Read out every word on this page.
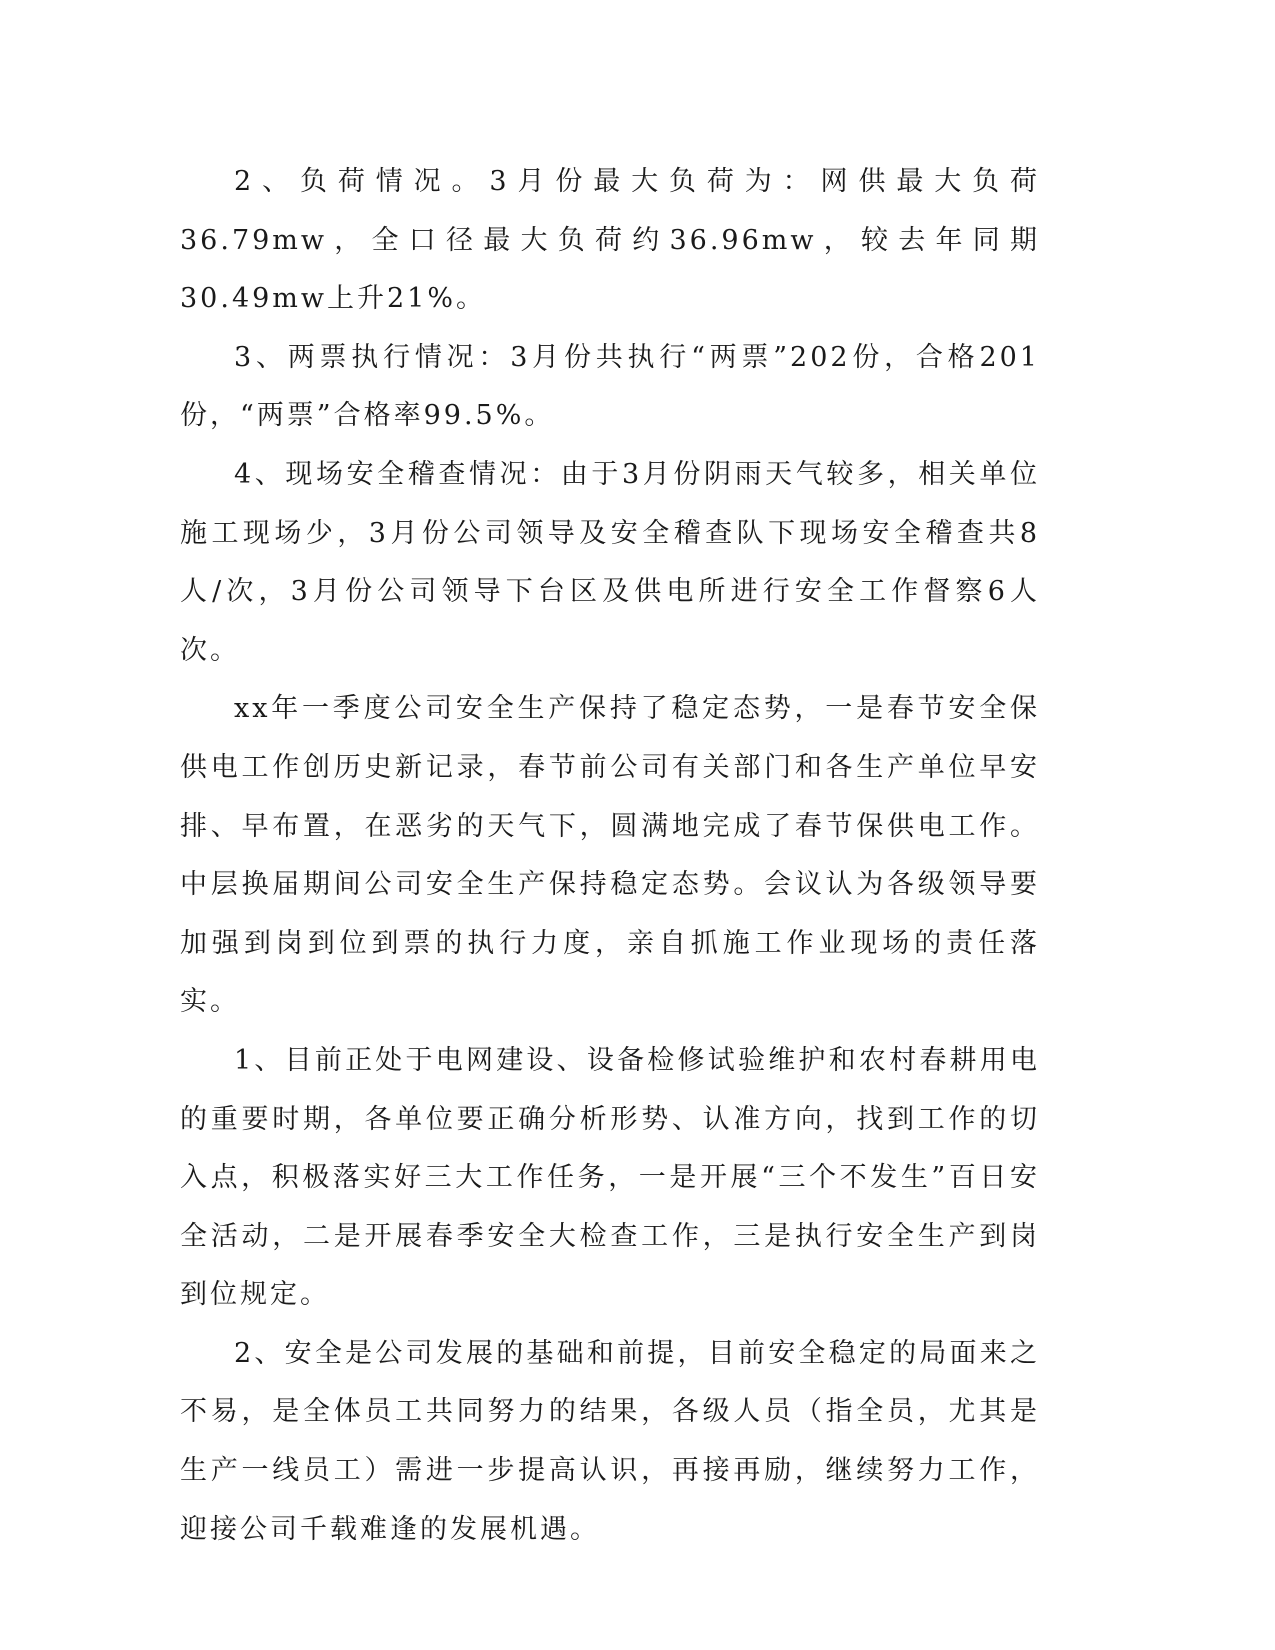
2、负荷情况。3月份最大负荷为：网供最大负荷36.79mw，全口径最大负荷约36.96mw，较去年同期30.49mw上升21%。

3、两票执行情况：3月份共执行“两票”202份，合格201份，“两票”合格率99.5%。

4、现场安全稽查情况：由于3月份阴雨天气较多，相关单位施工现场少，3月份公司领导及安全稽查队下现场安全稽查共8人/次，3月份公司领导下台区及供电所进行安全工作督察6人次。

xx年一季度公司安全生产保持了稳定态势，一是春节安全保供电工作创历史新记录，春节前公司有关部门和各生产单位早安排、早布置，在恶劣的天气下，圆满地完成了春节保供电工作。中层换届期间公司安全生产保持稳定态势。会议认为各级领导要加强到岗到位到票的执行力度，亲自抓施工作业现场的责任落实。

1、目前正处于电网建设、设备检修试验维护和农村春耕用电的重要时期，各单位要正确分析形势、认准方向，找到工作的切入点，积极落实好三大工作任务，一是开展“三个不发生”百日安全活动，二是开展春季安全大检查工作，三是执行安全生产到岗到位规定。

2、安全是公司发展的基础和前提，目前安全稳定的局面来之不易，是全体员工共同努力的结果，各级人员（指全员，尤其是生产一线员工）需进一步提高认识，再接再励，继续努力工作，迎接公司千载难逢的发展机遇。
